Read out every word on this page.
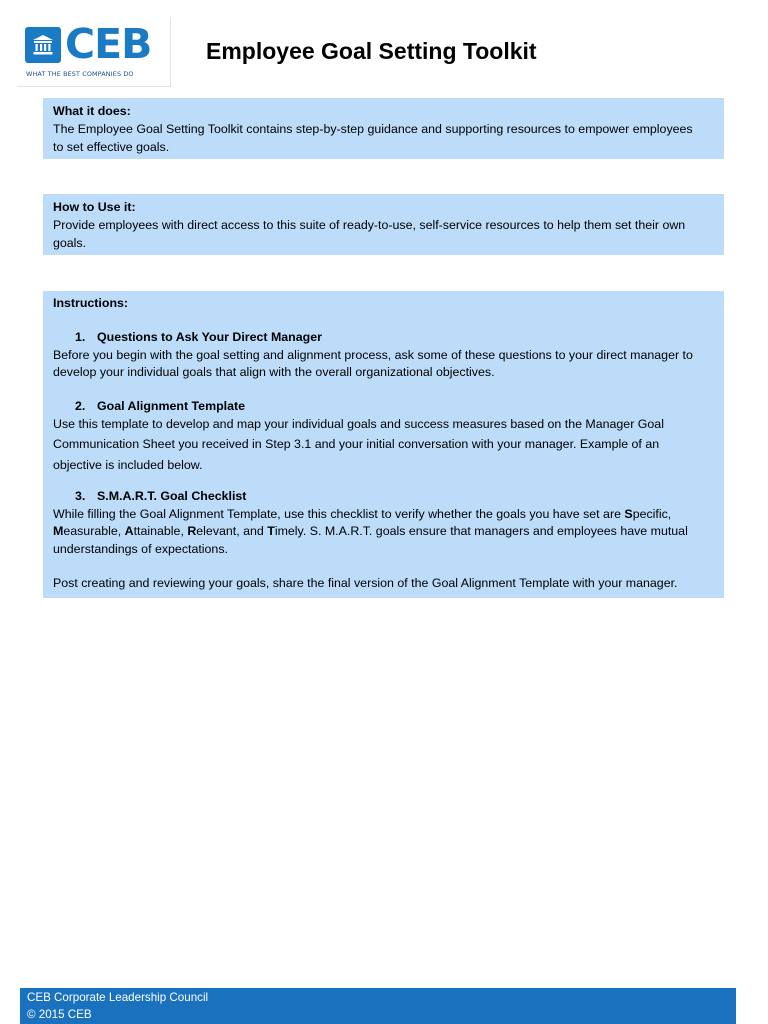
CEB
WHAT THE BEST COMPANIES DO
Employee Goal Setting Toolkit
What it does:
The Employee Goal Setting Toolkit contains step-by-step guidance and supporting resources to empower employees
to set effective goals.
How to Use it:
Provide employees with direct access to this suite of ready-to-use, self-service resources to help them set their own
goals.
Instructions:
1. Questions to Ask Your Direct Manager
Before you begin with the goal setting and alignment process, ask some of these questions to your direct manager to
develop your individual goals that align with the overall organizational objectives.
2. Goal Alignment Template
Use this template to develop and map your individual goals and success measures based on the Manager Goal
Communication Sheet you received in Step 3.1 and your initial conversation with your manager. Example of an
objective is included below.
3. S.M.A.R.T. Goal Checklist
While filling the Goal Alignment Template, use this checklist to verify whether the goals you have set are Specific,
Measurable, Attainable, Relevant, and Timely. S. M.A.R.T. goals ensure that managers and employees have mutual
understandings of expectations.
Post creating and reviewing your goals, share the final version of the Goal Alignment Template with your manager.
CEB Corporate Leadership Council
© 2015 CEB
